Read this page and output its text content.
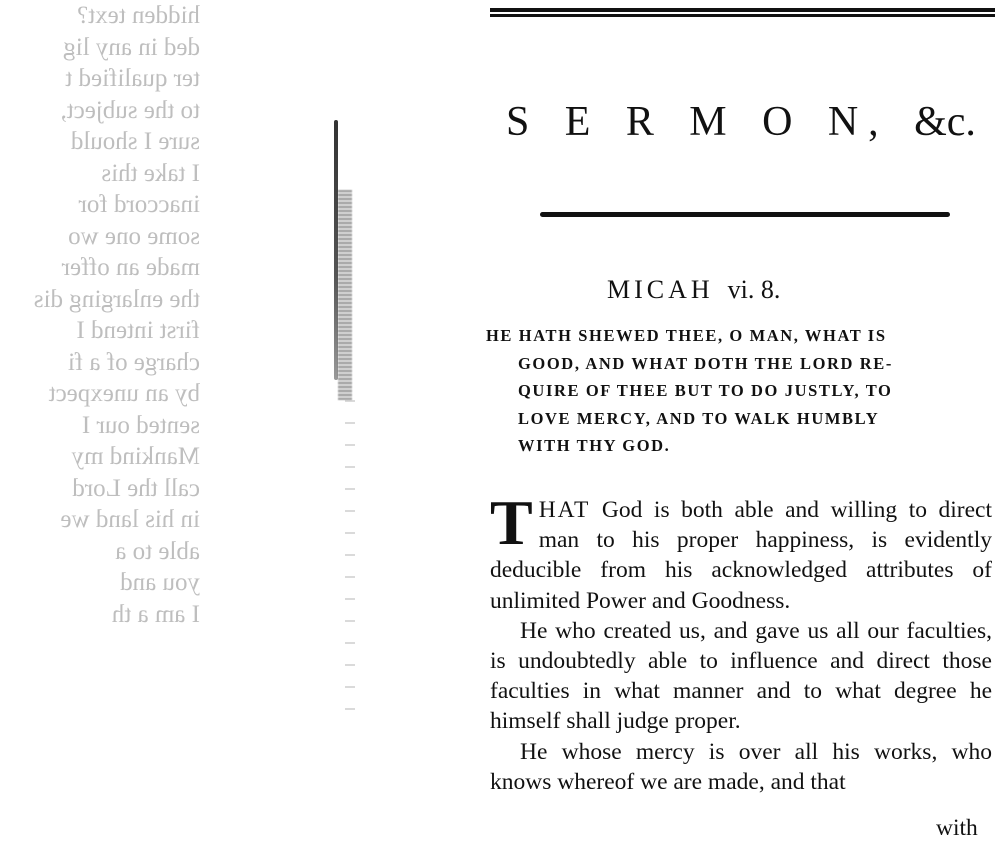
hidden text?
ded in any lig
ter qualified t
to the subject,
sure I should
I take this
inaccord for
some one wo
made an offer
the enlarging dis
first intend I
charge of a fi
by an unexpect
sented our I
Mankind my
call the Lord
in his land we
able to a
you and
I am a th
S E R M O N, &c.
MICAH vi. 8.
HE HATH SHEWED THEE, O MAN, WHAT IS
GOOD, AND WHAT DOTH THE LORD RE-
QUIRE OF THEE BUT TO DO JUSTLY, TO
LOVE MERCY, AND TO WALK HUMBLY
WITH THY GOD.

THAT God is both able and willing to direct man to his proper happiness, is evidently deducible from his acknowledged attributes of unlimited Power and Goodness.

He who created us, and gave us all our faculties, is undoubtedly able to influence and direct those faculties in what manner and to what degree he himself shall judge proper.

He whose mercy is over all his works, who knows whereof we are made, and that

with
